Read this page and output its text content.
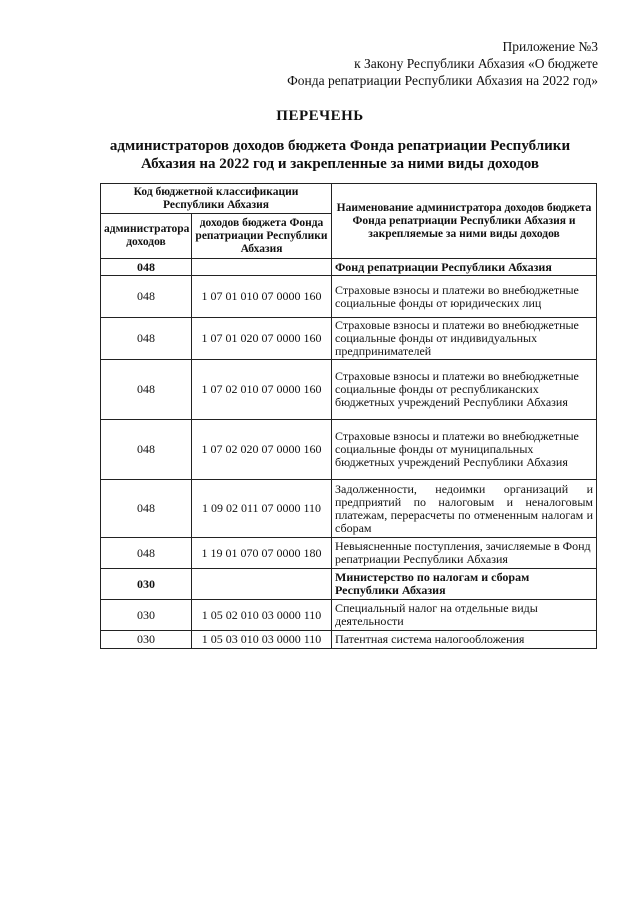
Приложение №3
к Закону Республики Абхазия «О бюджете
Фонда репатриации Республики Абхазия на 2022 год»
ПЕРЕЧЕНЬ
администраторов доходов бюджета Фонда репатриации Республики
Абхазия на 2022 год и закрепленные за ними виды доходов
Код бюджетной классификации Республики Абхазия		Наименование администратора доходов бюджета Фонда репатриации Республики Абхазия и закрепляемые за ними виды доходов
администратора доходов	доходов бюджета Фонда репатриации Республики Абхазия	
048		Фонд репатриации Республики Абхазия
048	1 07 01 010 07 0000 160	Страховые взносы и платежи во внебюджетные социальные фонды от юридических лиц
048	1 07 01 020 07 0000 160	Страховые взносы и платежи во внебюджетные социальные фонды от индивидуальных предпринимателей
048	1 07 02 010 07 0000 160	Страховые взносы и платежи во внебюджетные социальные фонды от республиканских бюджетных учреждений Республики Абхазия
048	1 07 02 020 07 0000 160	Страховые взносы и платежи во внебюджетные социальные фонды от муниципальных бюджетных учреждений Республики Абхазия
048	1 09 02 011 07 0000 110	Задолженности, недоимки организаций и предприятий по налоговым и неналоговым платежам, перерасчеты по отмененным налогам и сборам
048	1 19 01 070 07 0000 180	Невыясненные поступления, зачисляемые в Фонд репатриации Республики Абхазия
030		Министерство по налогам и сборам Республики Абхазия
030	1 05 02 010 03 0000 110	Специальный налог на отдельные виды деятельности
030	1 05 03 010 03 0000 110	Патентная система налогообложения
